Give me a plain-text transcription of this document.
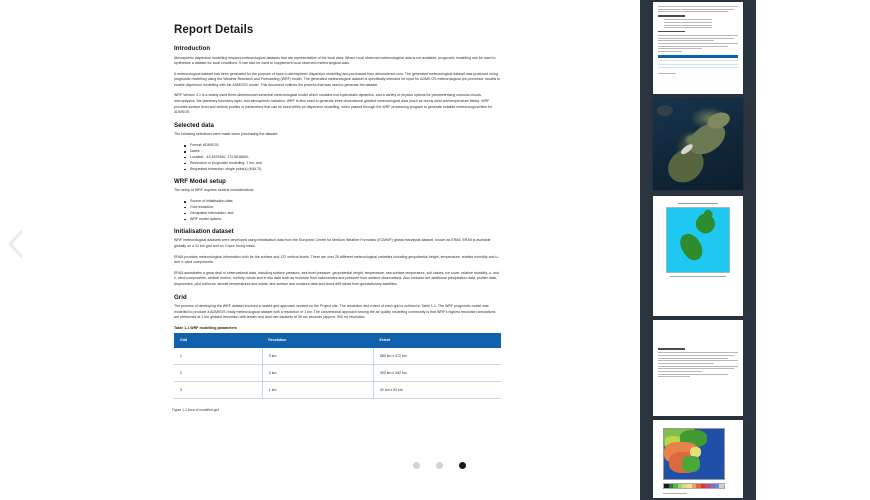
Report Details
Introduction

Atmospheric dispersion modelling requires meteorological datasets that are representative of the local area. Where local observed meteorological data is not available, prognostic modelling can be used to synthesise a dataset for local conditions. It can also be used to supplement local observed meteorological data.

A meteorological dataset has been generated for the purpose of input to atmospheric dispersion modelling and purchased from atmoscience.com. The generated meteorological dataset was produced using prognostic modelling using the Weather Research and Forecasting (WRF) model. The generated meteorological dataset is specifically intended for input for ADMS OS meteorological pre-processor models to enable dispersion modelling with the ADMSOS model. This document outlines the process that was used to generate the dataset.

WRF Version 4.1 is a widely used three-dimensional numerical meteorological model which contains non-hydrostatic dynamics, and a variety of physics options for parameterising cumulus clouds, microphysics, the planetary boundary layer, and atmospheric radiation. WRF is also used to generate three-dimensional gridded meteorological data (such as hourly wind and temperature fields). WRF provides surface level and vertical profiles of parameters that can be used within an dispersion modelling, when passed through the WRF processing program to generate suitable meteorological files for ADMSOS.

Selected data

The following selections were made when purchasing the dataset:

Format: ADMSOS;
Dates: ;
Location: -43.4879450, 172.5518694;
Resolution of prognostic modelling: 1 km; and
Requested extraction: single point(s) (MULTI).
WRF Model setup

The setup of WRF requires several considerations:

Source of initialisation data;
Grid resolution;
Geospatial information; and
WRF model options.
Initialisation dataset

WRF meteorological datasets were developed using initialisation data from the European Centre for Medium Weather Forecasts (ECMWF) global reanalysis dataset, known as ERA5. ERA5 is available globally on a 31 km grid and on 3 hour hourly basis.

ERA5 provides meteorological information both for the surface and 137 vertical levels. There are over 25 different meteorological variables including geopotential height, temperature, relative humidity and u- and v- wind components.

ERA5 assimilates a great deal of observational data, including surface pressure, sea level pressure, geopotential height, temperature, sea surface temperature, soil values, ice cover, relative humidity, u- and v- wind components, vertical motion, vorticity, winds and in situ data such as moisture from radiosondes and pressure from surface observations. Also included are additional precipitation data, profiler data, dropsondes, pilot balloons, aircraft temperatures and winds, and surface and moisture data and cloud drift winds from geostationary satellites.

Grid

The process of developing the WRF dataset involved a nested grid approach centred on the Project site. The resolution and extent of each grid is outlined in Table 1-1. The WRF prognostic model was modelled to produce a ADMSOS ready meteorological dataset with a resolution of 1 km. The conventional approach among the air quality modelling community is that WRF's highest resolution simulations are performed at 1 km gridded resolution with terrain and land use datasets at 30 arc seconds (approx. 900 m) resolution.

Table 1-1 WRF modelling parameters
Grid	Resolution	Extent
1	9 km	880 km x 972 km
2	3 km	390 km x 392 km
3	1 km	92 km x 92 km
Figure 1-1 Area of modelled grid
